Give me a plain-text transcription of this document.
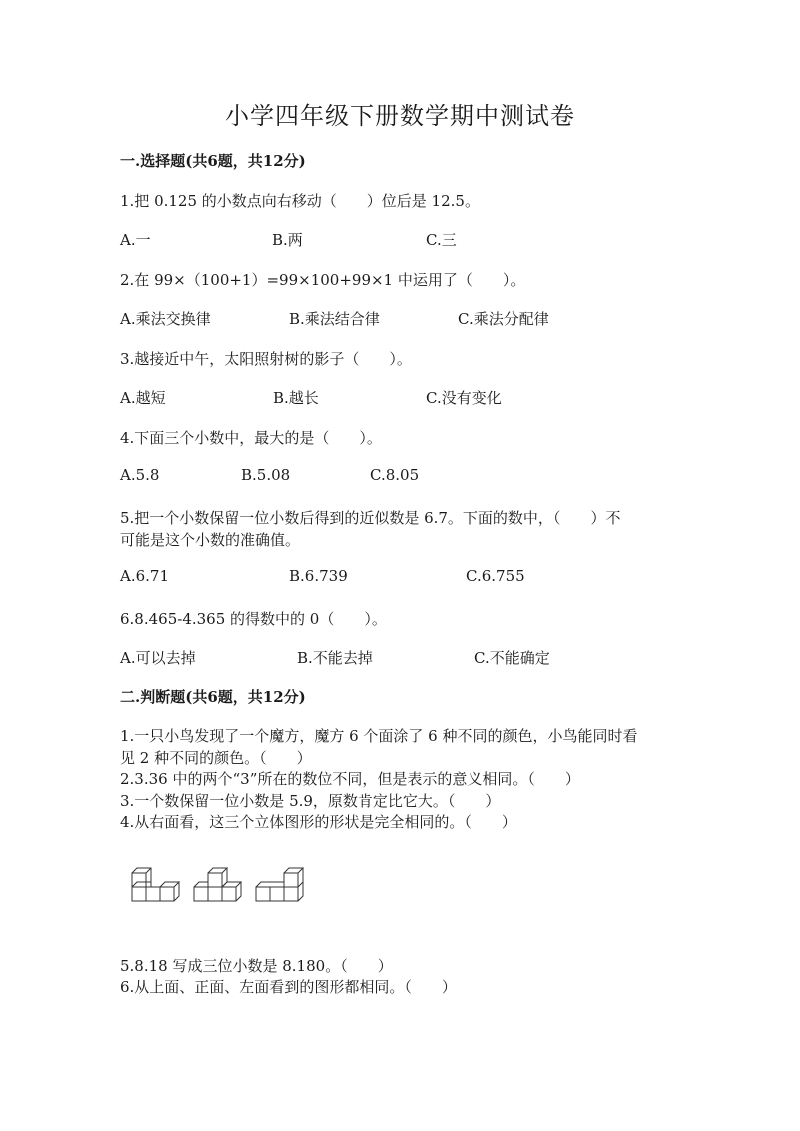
小学四年级下册数学期中测试卷
一.选择题(共6题，共12分)
1.把 0.125 的小数点向右移动（　　）位后是 12.5。
A.一	B.两	C.三
2.在 99×（100+1）=99×100+99×1 中运用了（　　）。
A.乘法交换律	B.乘法结合律	C.乘法分配律
3.越接近中午，太阳照射树的影子（　　）。
A.越短	B.越长	C.没有变化
4.下面三个小数中，最大的是（　　）。
A.5.8	B.5.08	C.8.05
5.把一个小数保留一位小数后得到的近似数是 6.7。下面的数中，（　　）不
可能是这个小数的准确值。
A.6.71	B.6.739	C.6.755
6.8.465-4.365 的得数中的 0（　　）。
A.可以去掉	B.不能去掉	C.不能确定
二.判断题(共6题，共12分)
1.一只小鸟发现了一个魔方，魔方 6 个面涂了 6 种不同的颜色，小鸟能同时看
见 2 种不同的颜色。（　　）
2.3.36 中的两个“3”所在的数位不同，但是表示的意义相同。（　　）
3.一个数保留一位小数是 5.9，原数肯定比它大。（　　）
4.从右面看，这三个立体图形的形状是完全相同的。（　　）
5.8.18 写成三位小数是 8.180。（　　）
6.从上面、正面、左面看到的图形都相同。（　　）
